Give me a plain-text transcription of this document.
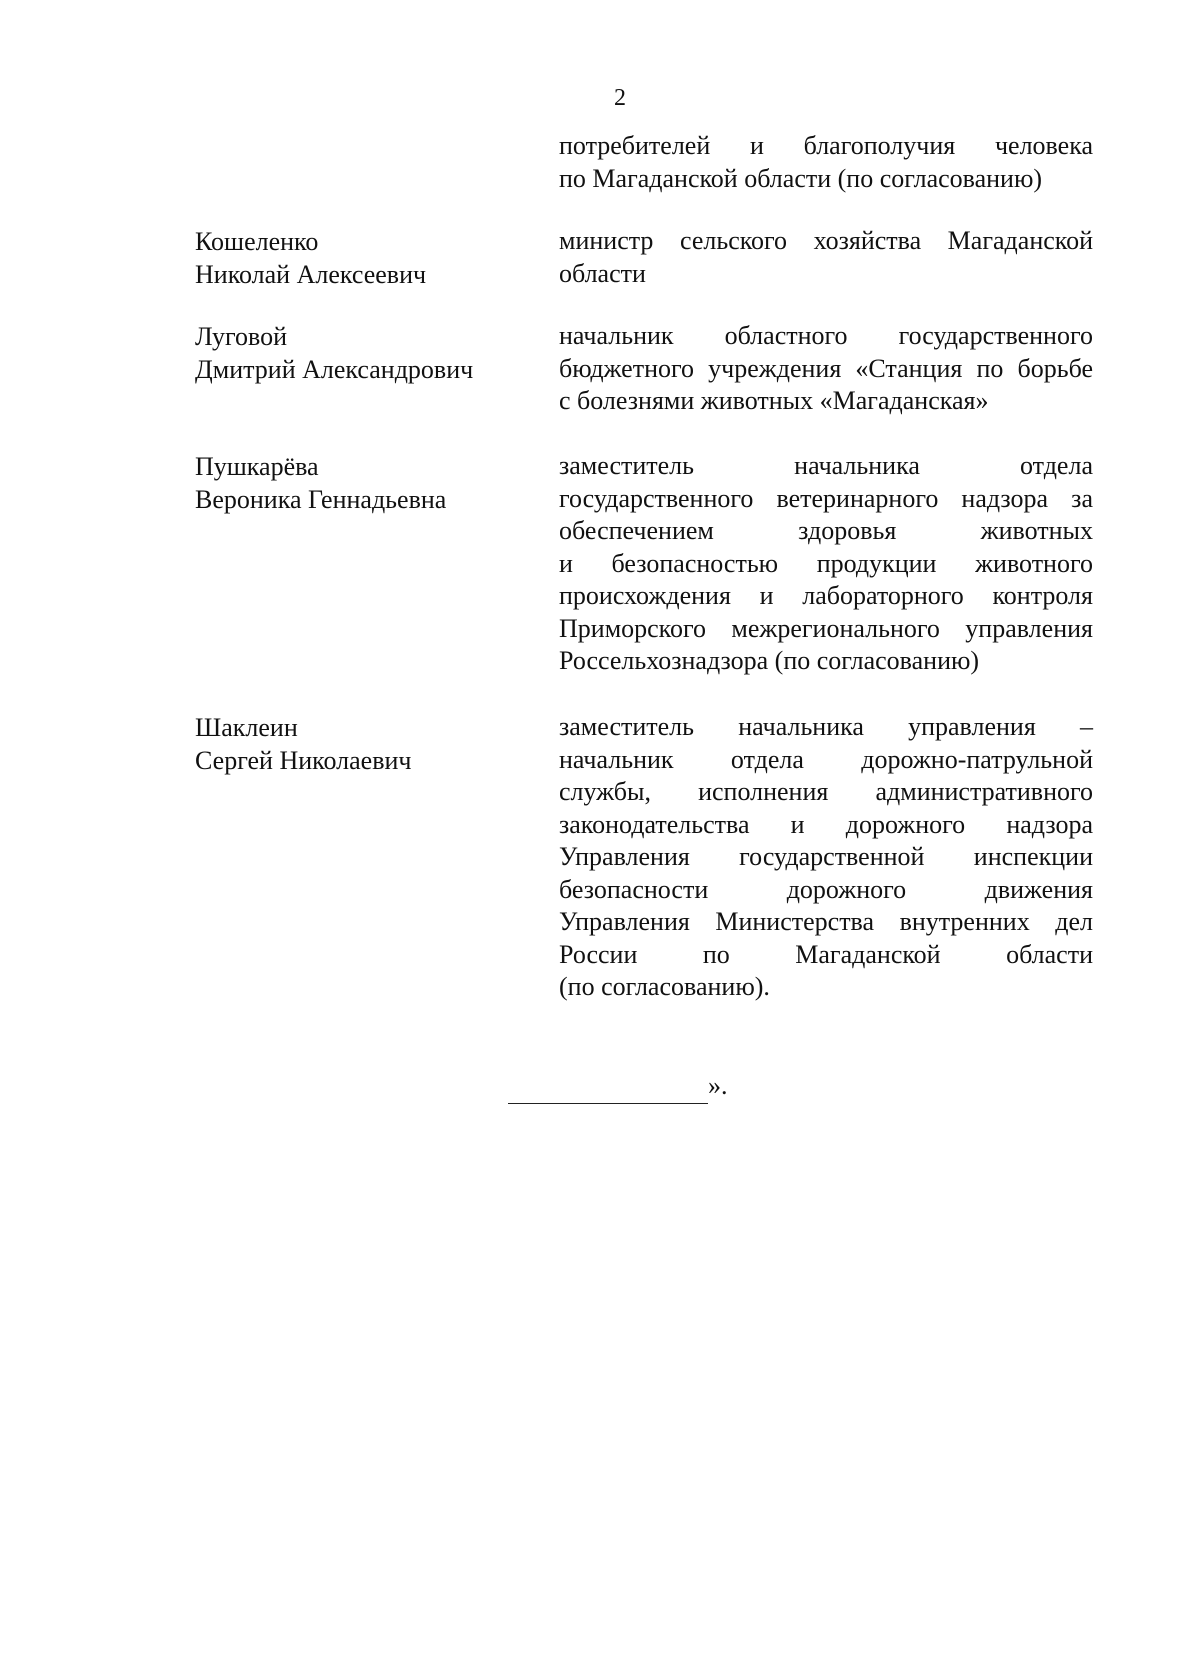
2
потребителей и благополучия человека
по Магаданской области (по согласованию)
Кошеленко
Николай Алексеевич
министр сельского хозяйства Магаданской
области
Луговой
Дмитрий Александрович
начальник областного государственного
бюджетного учреждения «Станция по борьбе
с болезнями животных «Магаданская»
Пушкарёва
Вероника Геннадьевна
заместитель начальника отдела
государственного ветеринарного надзора за
обеспечением здоровья животных
и безопасностью продукции животного
происхождения и лабораторного контроля
Приморского межрегионального управления
Россельхознадзора (по согласованию)
Шаклеин
Сергей Николаевич
заместитель начальника управления –
начальник отдела дорожно-патрульной
службы, исполнения административного
законодательства и дорожного надзора
Управления государственной инспекции
безопасности дорожного движения
Управления Министерства внутренних дел
России по Магаданской области
(по согласованию).
».
